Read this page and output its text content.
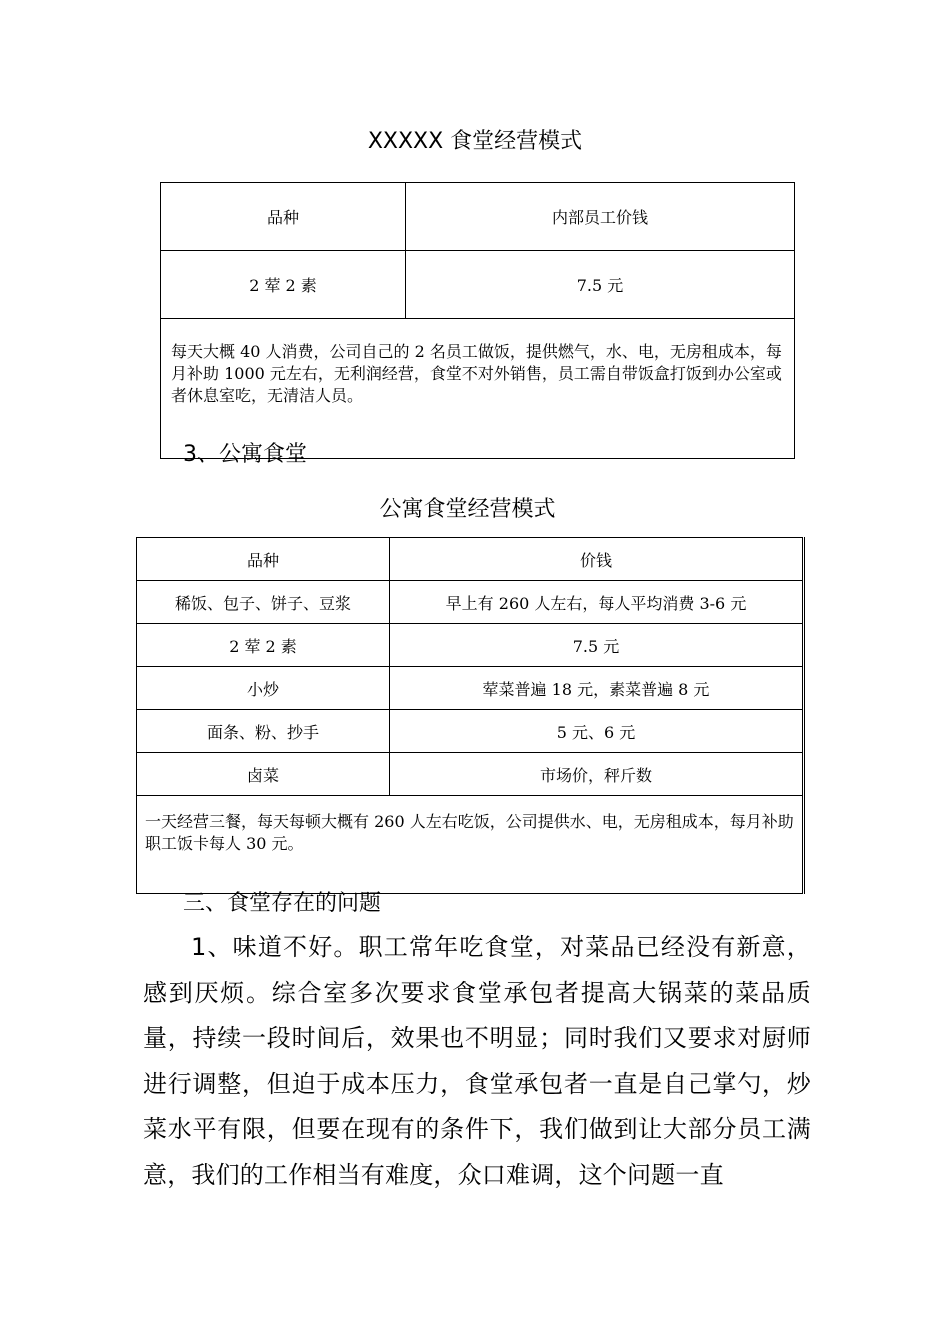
XXXXX 食堂经营模式
品种	内部员工价钱
2 荤 2 素	7.5 元
每天大概 40 人消费，公司自己的 2 名员工做饭，提供燃气，水、电，无房租成本，每月补助 1000 元左右，无利润经营，食堂不对外销售，员工需自带饭盒打饭到办公室或者休息室吃，无清洁人员。	
3、公寓食堂
公寓食堂经营模式
品种	价钱
稀饭、包子、饼子、豆浆	早上有 260 人左右，每人平均消费 3-6 元
2 荤 2 素	7.5 元
小炒	荤菜普遍 18 元，素菜普遍 8 元
面条、粉、抄手	5 元、6 元
卤菜	市场价，秤斤数
一天经营三餐，每天每顿大概有 260 人左右吃饭，公司提供水、电，无房租成本，每月补助职工饭卡每人 30 元。	
三、食堂存在的问题
1、味道不好。职工常年吃食堂，对菜品已经没有新意，感到厌烦。综合室多次要求食堂承包者提高大锅菜的菜品质量，持续一段时间后，效果也不明显；同时我们又要求对厨师进行调整，但迫于成本压力，食堂承包者一直是自己掌勺，炒菜水平有限，但要在现有的条件下，我们做到让大部分员工满意，我们的工作相当有难度，众口难调，这个问题一直
